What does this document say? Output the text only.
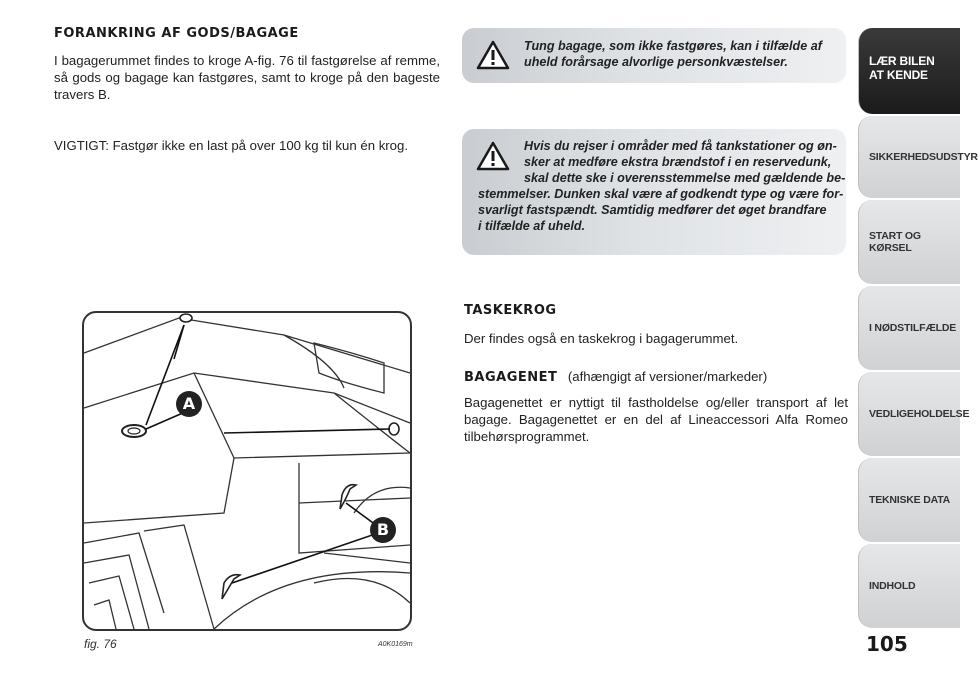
FORANKRING AF GODS/BAGAGE
I bagagerummet findes to kroge A-fig. 76 til fastgørelse af remme, så gods og bagage kan fastgøres, samt to kroge på den bageste travers B.
VIGTIGT: Fastgør ikke en last på over 100 kg til kun én krog.
A
B
fig. 76	A0K0169m
Tung bagage, som ikke fastgøres, kan i tilfælde af uheld forårsage alvorlige personkvæstelser.
Hvis du rejser i områder med få tankstationer og øn-
sker at medføre ekstra brændstof i en reservedunk,
skal dette ske i overensstemmelse med gældende be-
stemmelser. Dunken skal være af godkendt type og være for-
svarligt fastspændt. Samtidig medfører det øget brandfare
i tilfælde af uheld.
TASKEKROG
Der findes også en taskekrog i bagagerummet.
BAGAGENET (afhængigt af versioner/markeder)
Bagagenettet er nyttigt til fastholdelse og/eller transport af let bagage. Bagagenettet er en del af Lineaccessori Alfa Romeo tilbehørsprogrammet.
LÆR BILEN
AT KENDE
SIKKERHEDSUDSTYR
START OG KØRSEL
I NØDSTILFÆLDE
VEDLIGEHOLDELSE
TEKNISKE DATA
INDHOLD
105
